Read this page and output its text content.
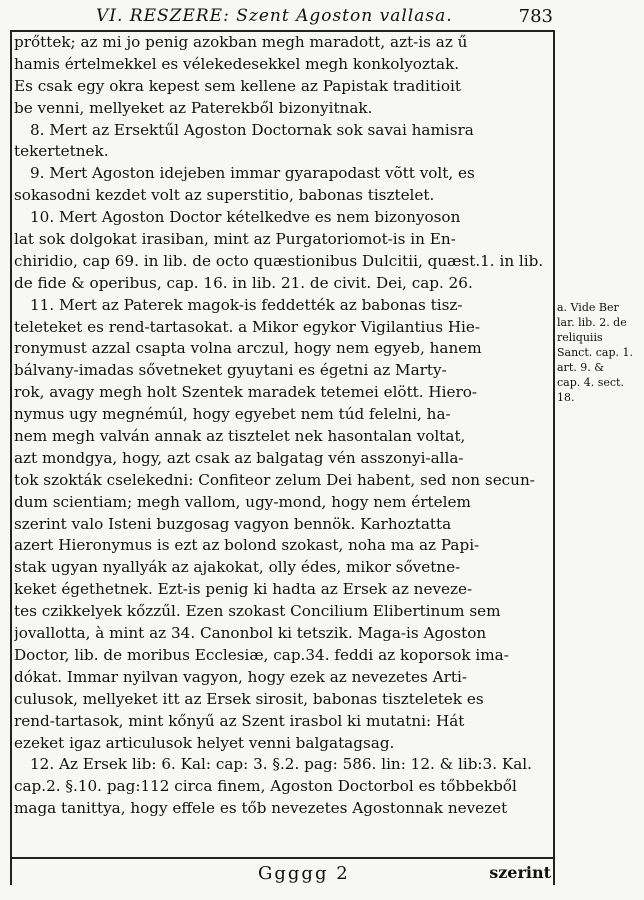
VI. RESZERE: Szent Agoston vallasa.	783
prőttek; az mi jo penig azokban megh maradott, azt-is az ű
hamis értelmekkel es vélekedesekkel megh konkolyoztak.
Es csak egy okra kepest sem kellene az Papistak traditioit
be venni, mellyeket az Paterekből bizonyitnak.
8. Mert az Ersektűl Agoston Doctornak sok savai hamisra
tekertetnek.
9. Mert Agoston idejeben immar gyarapodast võtt volt, es
sokasodni kezdet volt az superstitio, babonas tisztelet.
10. Mert Agoston Doctor kételkedve es nem bizonyoson
lat sok dolgokat irasiban, mint az Purgatoriomot-is in En-
chiridio, cap 69. in lib. de octo quæstionibus Dulcitii, quæst.1. in lib.
de fide & operibus, cap. 16. in lib. 21. de civit. Dei, cap. 26.
11. Mert az Paterek magok-is feddették az babonas tisz-
teleteket es rend-tartasokat. a Mikor egykor Vigilantius Hie-
ronymust azzal csapta volna arczul, hogy nem egyeb, hanem
bálvany-imadas sővetneket gyuytani es égetni az Marty-
rok, avagy megh holt Szentek maradek tetemei elött. Hiero-
nymus ugy megnémúl, hogy egyebet nem túd felelni, ha-
nem megh valván annak az tisztelet nek hasontalan voltat,
azt mondgya, hogy, azt csak az balgatag vén asszonyi-alla-
tok szokták cselekedni: Confiteor zelum Dei habent, sed non secun-
dum scientiam; megh vallom, ugy-mond, hogy nem értelem
szerint valo Isteni buzgosag vagyon bennök. Karhoztatta
azert Hieronymus is ezt az bolond szokast, noha ma az Papi-
stak ugyan nyallyák az ajakokat, olly édes, mikor sővetne-
keket égethetnek. Ezt-is penig ki hadta az Ersek az neveze-
tes czikkelyek kőzzűl. Ezen szokast Concilium Elibertinum sem
jovallotta, à mint az 34. Canonbol ki tetszik. Maga-is Agoston
Doctor, lib. de moribus Ecclesiæ, cap.34. feddi az koporsok ima-
dókat. Immar nyilvan vagyon, hogy ezek az nevezetes Arti-
culusok, mellyeket itt az Ersek sirosit, babonas tiszteletek es
rend-tartasok, mint kőnyű az Szent irasbol ki mutatni: Hát
ezeket igaz articulusok helyet venni balgatagsag.
12. Az Ersek lib: 6. Kal: cap: 3. §.2. pag: 586. lin: 12. & lib:3. Kal.
cap.2. §.10. pag:112 circa finem, Agoston Doctorbol es tőbbekből
maga tanittya, hogy effele es tőb nevezetes Agostonnak nevezet
a. Vide Ber
lar. lib. 2. de
reliquiis
Sanct. cap. 1.
art. 9. &
cap. 4. sect.
18.
Ggggg 2	szerint
